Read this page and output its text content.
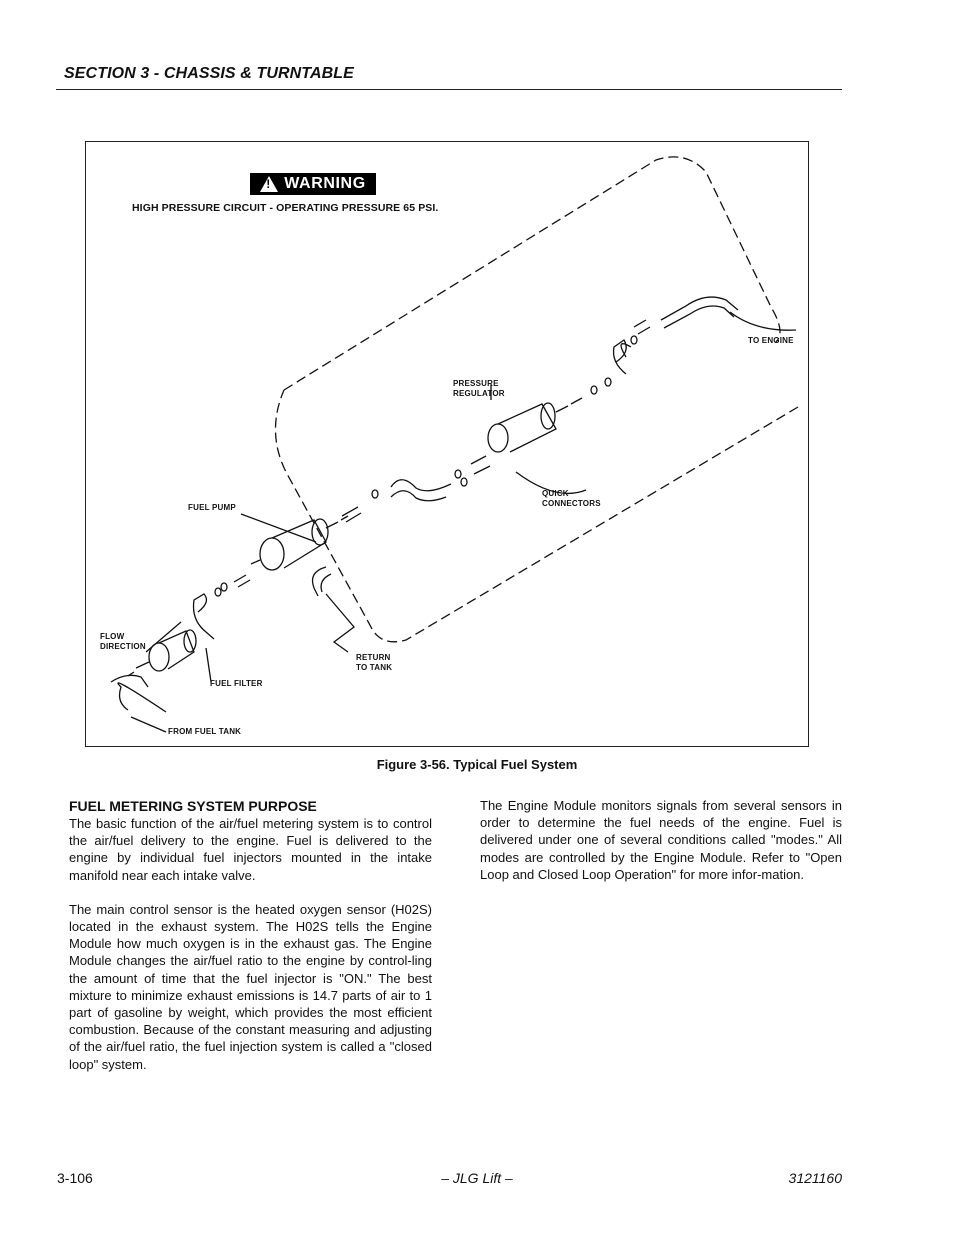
SECTION 3 - CHASSIS & TURNTABLE
!
WARNING
HIGH PRESSURE CIRCUIT - OPERATING PRESSURE 65 PSI.
TO ENGINE
PRESSURE
REGULATOR
QUICK
CONNECTORS
FUEL PUMP
FLOW
DIRECTION
FUEL FILTER
RETURN
TO TANK
FROM FUEL TANK
Figure 3-56. Typical Fuel System
FUEL METERING SYSTEM PURPOSE

The basic function of the air/fuel metering system is to control the air/fuel delivery to the engine. Fuel is delivered to the engine by individual fuel injectors mounted in the intake manifold near each intake valve.

The main control sensor is the heated oxygen sensor (H02S) located in the exhaust system. The H02S tells the Engine Module how much oxygen is in the exhaust gas. The Engine Module changes the air/fuel ratio to the engine by control-ling the amount of time that the fuel injector is "ON." The best mixture to minimize exhaust emissions is 14.7 parts of air to 1 part of gasoline by weight, which provides the most efficient combustion. Because of the constant measuring and adjusting of the air/fuel ratio, the fuel injection system is called a "closed loop" system.

The Engine Module monitors signals from several sensors in order to determine the fuel needs of the engine. Fuel is delivered under one of several conditions called "modes." All modes are controlled by the Engine Module. Refer to "Open Loop and Closed Loop Operation" for more infor-mation.

3-106	– JLG Lift –	3121160
